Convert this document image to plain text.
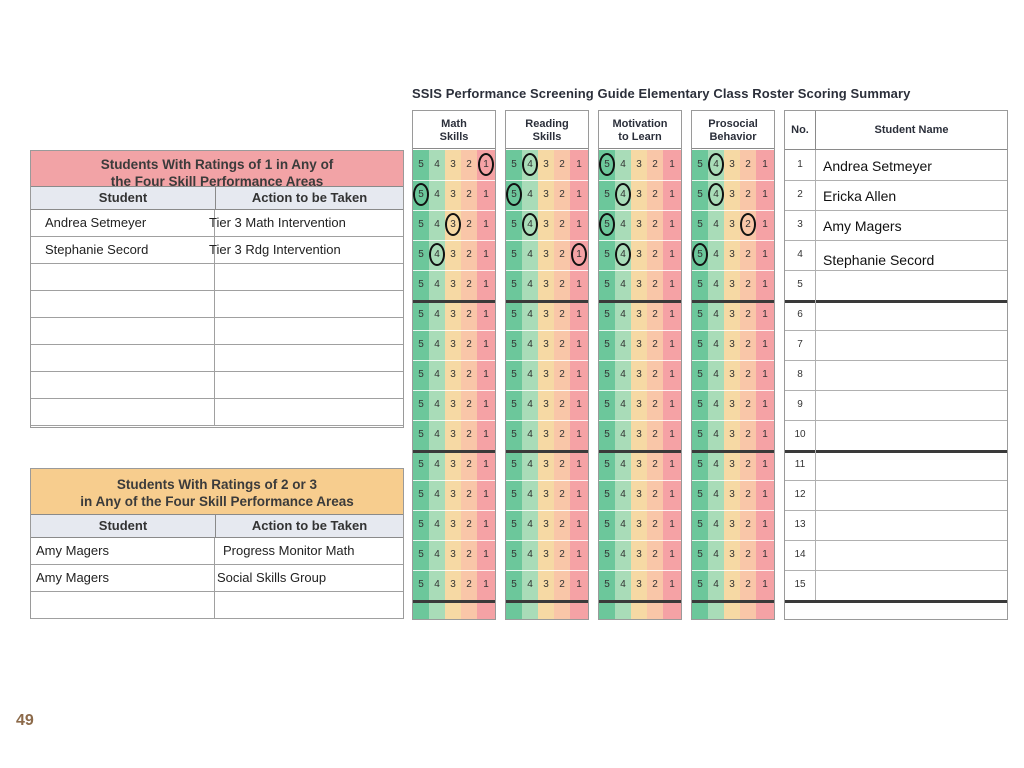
Students With Ratings of 1 in Any of
the Four Skill Performance Areas
Student	Action to be Taken
Andrea Setmeyer	Tier 3 Math Intervention
Stephanie Secord	Tier 3 Rdg Intervention
Students With Ratings of 2 or 3
in Any of the Four Skill Performance Areas
Student	Action to be Taken
Amy Magers	Progress Monitor Math
Amy Magers	Social Skills Group
SSIS Performance Screening Guide Elementary Class Roster Scoring Summary
Math
Skills
5	4	3	2	1
5	4	3	2	1
5	4	3	2	1
5	4	3	2	1
5	4	3	2	1
5	4	3	2	1
5	4	3	2	1
5	4	3	2	1
5	4	3	2	1
5	4	3	2	1
5	4	3	2	1
5	4	3	2	1
5	4	3	2	1
5	4	3	2	1
5	4	3	2	1
Reading
Skills
5	4	3	2	1
5	4	3	2	1
5	4	3	2	1
5	4	3	2	1
5	4	3	2	1
5	4	3	2	1
5	4	3	2	1
5	4	3	2	1
5	4	3	2	1
5	4	3	2	1
5	4	3	2	1
5	4	3	2	1
5	4	3	2	1
5	4	3	2	1
5	4	3	2	1
Motivation
to Learn
5	4	3	2	1
5	4	3	2	1
5	4	3	2	1
5	4	3	2	1
5	4	3	2	1
5	4	3	2	1
5	4	3	2	1
5	4	3	2	1
5	4	3	2	1
5	4	3	2	1
5	4	3	2	1
5	4	3	2	1
5	4	3	2	1
5	4	3	2	1
5	4	3	2	1
Prosocial
Behavior
5	4	3	2	1
5	4	3	2	1
5	4	3	2	1
5	4	3	2	1
5	4	3	2	1
5	4	3	2	1
5	4	3	2	1
5	4	3	2	1
5	4	3	2	1
5	4	3	2	1
5	4	3	2	1
5	4	3	2	1
5	4	3	2	1
5	4	3	2	1
5	4	3	2	1
No.	Student Name
1	Andrea Setmeyer
2	Ericka Allen
3	Amy Magers
4	Stephanie Secord
5
6
7
8
9
10
11
12
13
14
15
49
